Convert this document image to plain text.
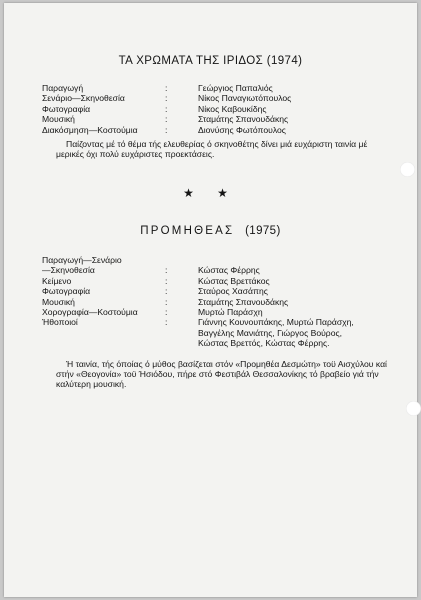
ΤΑ ΧΡΩΜΑΤΑ ΤΗΣ ΙΡΙΔΟΣ (1974)
Παραγωγή	:	Γεώργιος Παπαλιός
Σενάριο—Σκηνοθεσία	:	Νίκος Παναγιωτόπουλος
Φωτογραφία	:	Νίκος Καβουκίδης
Μουσική	:	Σταμάτης Σπανουδάκης
Διακόσμηση—Κοστούμια	:	Διονύσης Φωτόπουλος
Παίζοντας μέ τό θέμα τής ελευθερίας ό σκηνοθέτης δίνει μιά ευχάριστη ταινία μέ μερικές όχι πολύ ευχάριστες προεκτάσεις.
★ ★
ΠΡΟΜΗΘΕΑΣ (1975)
Παραγωγή—Σενάριο
—Σκηνοθεσία	:	Κώστας Φέρρης
Κείμενο	:	Κώστας Βρεττάκος
Φωτογραφία	:	Σταύρος Χασάπης
Μουσική	:	Σταμάτης Σπανουδάκης
Χορογραφία—Κοστούμια	:	Μυρτώ Παράσχη
Ήθοποιοί	:	Γιάννης Κουνουπάκης, Μυρτώ Παράσχη,
Βαγγέλης Μανιάτης, Γιώργος Βούρος,
Κώστας Βρεττός, Κώστας Φέρρης.
Ή ταινία, τής όποίας ό μύθος βασίζεται στόν «Προμηθέα Δεσμώτη» τοϋ Αισχύλου καί στήν «Θεογονία» τοϋ Ήσιόδου, πήρε στό Φεστιβάλ Θεσσαλονίκης τό βραβείο γιά τήν καλύτερη μουσική.
